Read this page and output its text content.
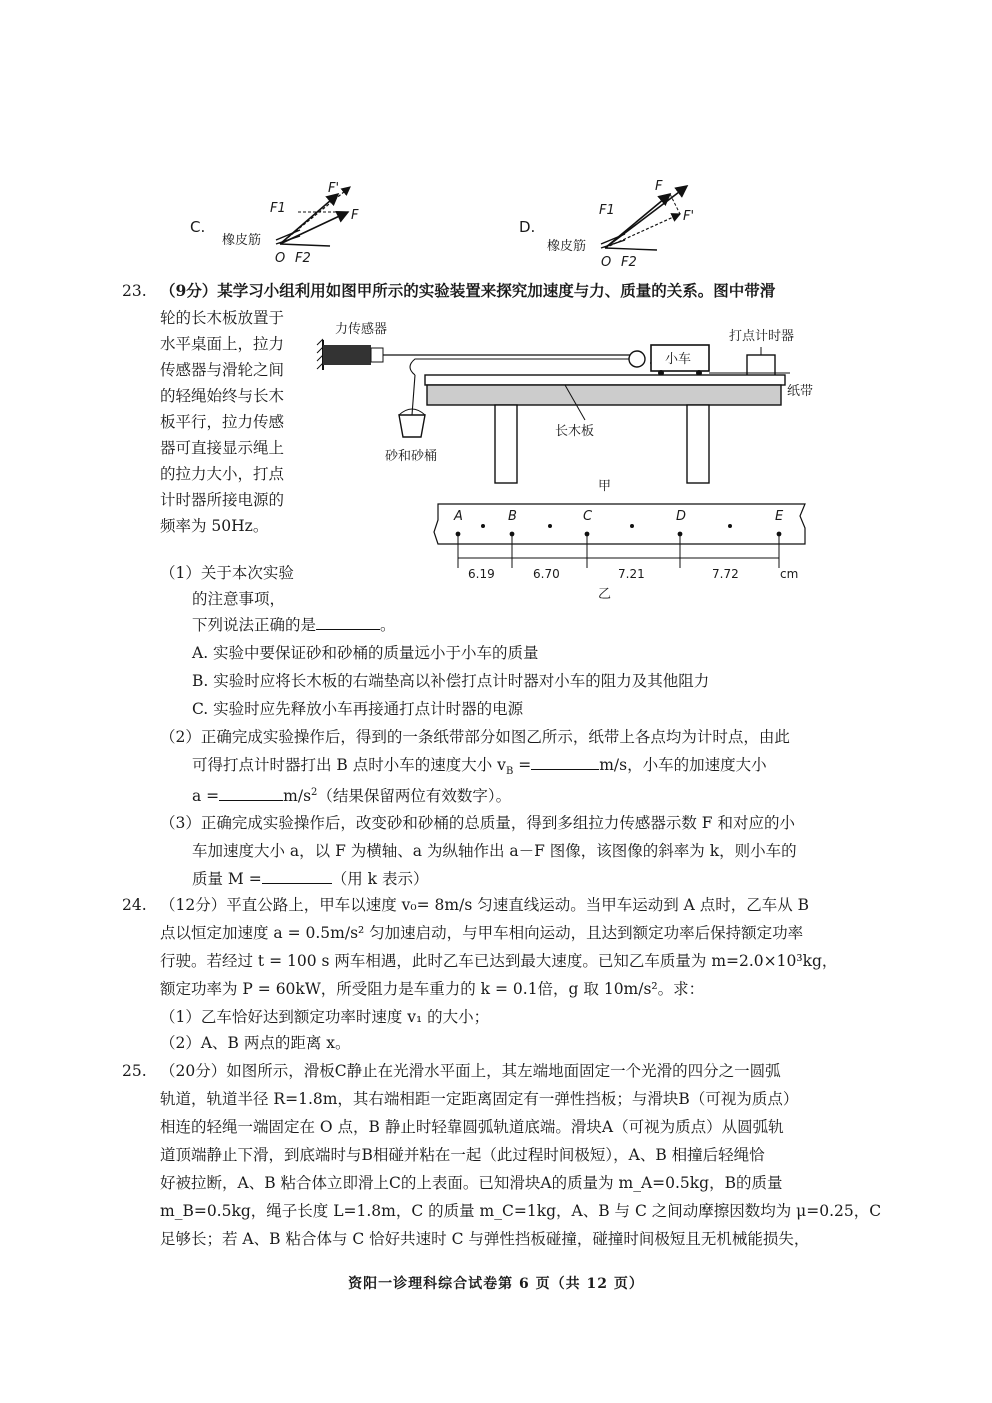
C.
橡皮筋
O F2
F1	F
F'
D.
橡皮筋
O F2
F1
F
F'
23. （9分）某学习小组利用如图甲所示的实验装置来探究加速度与力、质量的关系。图中带滑
轮的长木板放置于
水平桌面上，拉力
传感器与滑轮之间
的轻绳始终与长木
板平行，拉力传感
器可直接显示绳上
的拉力大小，打点
计时器所接电源的
频率为 50Hz。
力传感器
砂和砂桶
小车
打点计时器
纸带
长木板
甲
A	B	C	D	E
6.19	6.70	7.21	7.72	cm
乙
（1）关于本次实验
的注意事项，
下列说法正确的是	。
A. 实验中要保证砂和砂桶的质量远小于小车的质量
B. 实验时应将长木板的右端垫高以补偿打点计时器对小车的阻力及其他阻力
C. 实验时应先释放小车再接通打点计时器的电源
（2）正确完成实验操作后，得到的一条纸带部分如图乙所示，纸带上各点均为计时点，由此
可得打点计时器打出 B 点时小车的速度大小 $v_B$ =	m/s，小车的加速度大小
a =	$m/s^2$（结果保留两位有效数字）。
（3）正确完成实验操作后，改变砂和砂桶的总质量，得到多组拉力传感器示数 F 和对应的小
车加速度大小 a，以 F 为横轴、a 为纵轴作出 a－F 图像，该图像的斜率为 k，则小车的
质量 M =	（用 k 表示）
24. （12分）平直公路上，甲车以速度 v₀= 8m/s 匀速直线运动。当甲车运动到 A 点时，乙车从 B
点以恒定加速度 a = 0.5m/s² 匀加速启动，与甲车相向运动，且达到额定功率后保持额定功率
行驶。若经过 t = 100 s 两车相遇，此时乙车已达到最大速度。已知乙车质量为 m=2.0×10³kg，
额定功率为 P = 60kW，所受阻力是车重力的 k = 0.1倍，g 取 10m/s²。求：
（1）乙车恰好达到额定功率时速度 v₁ 的大小；
（2）A、B 两点的距离 x。
25. （20分）如图所示，滑板C静止在光滑水平面上，其左端地面固定一个光滑的四分之一圆弧
轨道，轨道半径 R=1.8m，其右端相距一定距离固定有一弹性挡板；与滑块B（可视为质点）
相连的轻绳一端固定在 O 点，B 静止时轻靠圆弧轨道底端。滑块A（可视为质点）从圆弧轨
道顶端静止下滑，到底端时与B相碰并粘在一起（此过程时间极短），A、B 相撞后轻绳恰
好被拉断，A、B 粘合体立即滑上C的上表面。已知滑块A的质量为 m_A=0.5kg，B的质量
m_B=0.5kg，绳子长度 L=1.8m，C 的质量 m_C=1kg，A、B 与 C 之间动摩擦因数均为 μ=0.25，C
足够长；若 A、B 粘合体与 C 恰好共速时 C 与弹性挡板碰撞，碰撞时间极短且无机械能损失，
资阳一诊理科综合试卷第 6 页（共 12 页）
